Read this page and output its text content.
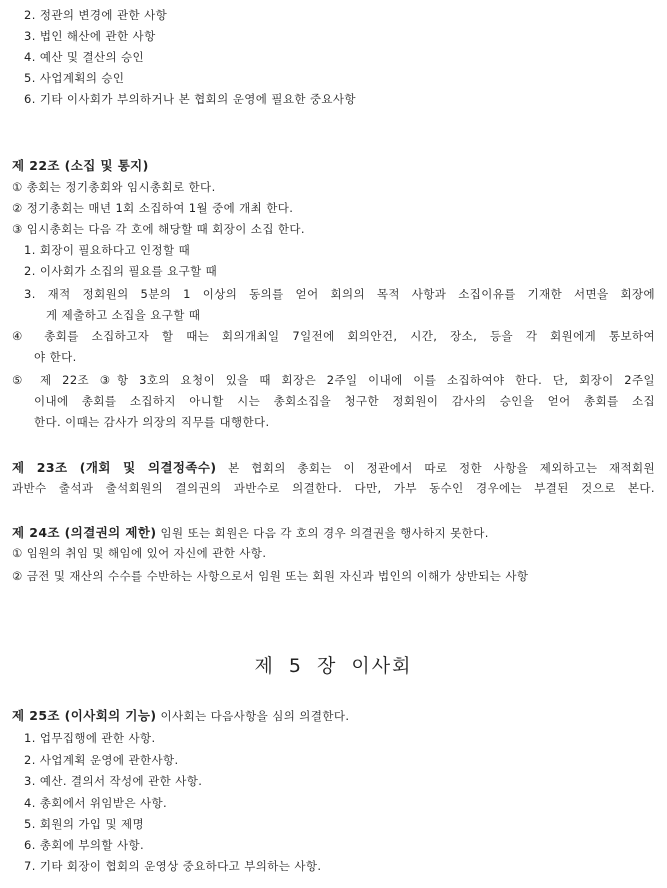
2. 정관의 변경에 관한 사항
3. 법인 해산에 관한 사항
4. 예산 및 결산의 승인
5. 사업계획의 승인
6. 기타 이사회가 부의하거나 본 협회의 운영에 필요한 중요사항
제 22조 (소집 및 통지)
① 총회는 정기총회와 임시총회로 한다.
② 정기총회는 매년 1회 소집하여 1월 중에 개최 한다.
③ 임시총회는 다음 각 호에 해당할 때 회장이 소집 한다.
1. 회장이 필요하다고 인정할 때
2. 이사회가 소집의 필요를 요구할 때
3. 재적 정회원의 5분의 1 이상의 동의를 얻어 회의의 목적 사항과 소집이유를 기재한 서면을 회장에
게 제출하고 소집을 요구할 때
④ 총회를 소집하고자 할 때는 회의개최일 7일전에 회의안건, 시간, 장소, 등을 각 회원에게 통보하여
야 한다.
⑤ 제 22조 ③항 3호의 요청이 있을 때 회장은 2주일 이내에 이를 소집하여야 한다. 단, 회장이 2주일
이내에 총회를 소집하지 아니할 시는 총회소집을 청구한 정회원이 감사의 승인을 얻어 총회를 소집
한다. 이때는 감사가 의장의 직무를 대행한다.
제 23조 (개회 및 의결정족수) 본 협회의 총회는 이 정관에서 따로 정한 사항을 제외하고는 재적회원
과반수 출석과 출석회원의 결의권의 과반수로 의결한다. 다만, 가부 동수인 경우에는 부결된 것으로 본다.
제 24조 (의결권의 제한) 임원 또는 회원은 다음 각 호의 경우 의결권을 행사하지 못한다.
① 임원의 취임 및 해임에 있어 자신에 관한 사항.
② 금전 및 재산의 수수를 수반하는 사항으로서 임원 또는 회원 자신과 법인의 이해가 상반되는 사항
제 5 장 이사회
제 25조 (이사회의 기능) 이사회는 다음사항을 심의 의결한다.
1. 업무집행에 관한 사항.
2. 사업계획 운영에 관한사항.
3. 예산. 결의서 작성에 관한 사항.
4. 총회에서 위임받은 사항.
5. 회원의 가입 및 제명
6. 총회에 부의할 사항.
7. 기타 회장이 협회의 운영상 중요하다고 부의하는 사항.
